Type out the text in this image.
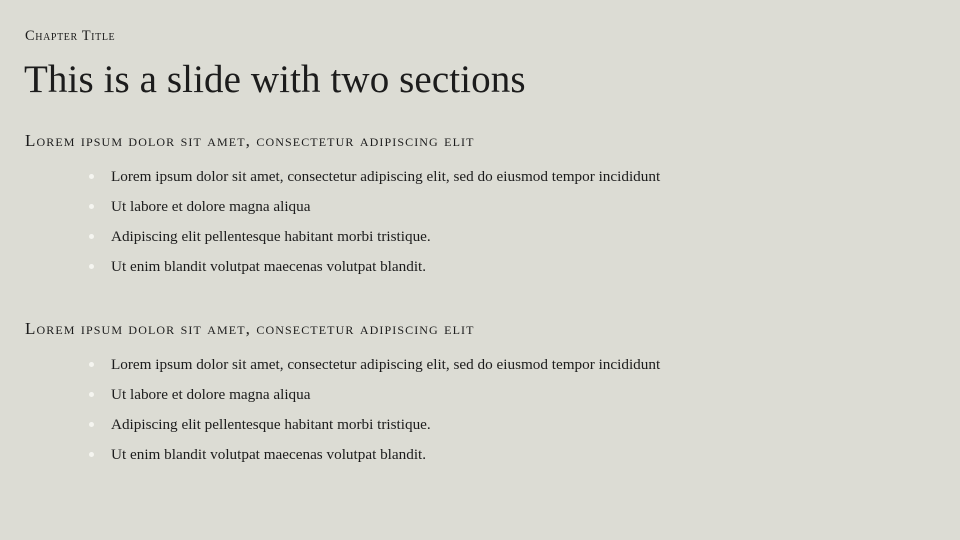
Chapter Title
This is a slide with two sections
Lorem ipsum dolor sit amet, consectetur adipiscing elit
Lorem ipsum dolor sit amet, consectetur adipiscing elit, sed do eiusmod tempor incididunt
Ut labore et dolore magna aliqua
Adipiscing elit pellentesque habitant morbi tristique.
Ut enim blandit volutpat maecenas volutpat blandit.
Lorem ipsum dolor sit amet, consectetur adipiscing elit
Lorem ipsum dolor sit amet, consectetur adipiscing elit, sed do eiusmod tempor incididunt
Ut labore et dolore magna aliqua
Adipiscing elit pellentesque habitant morbi tristique.
Ut enim blandit volutpat maecenas volutpat blandit.
